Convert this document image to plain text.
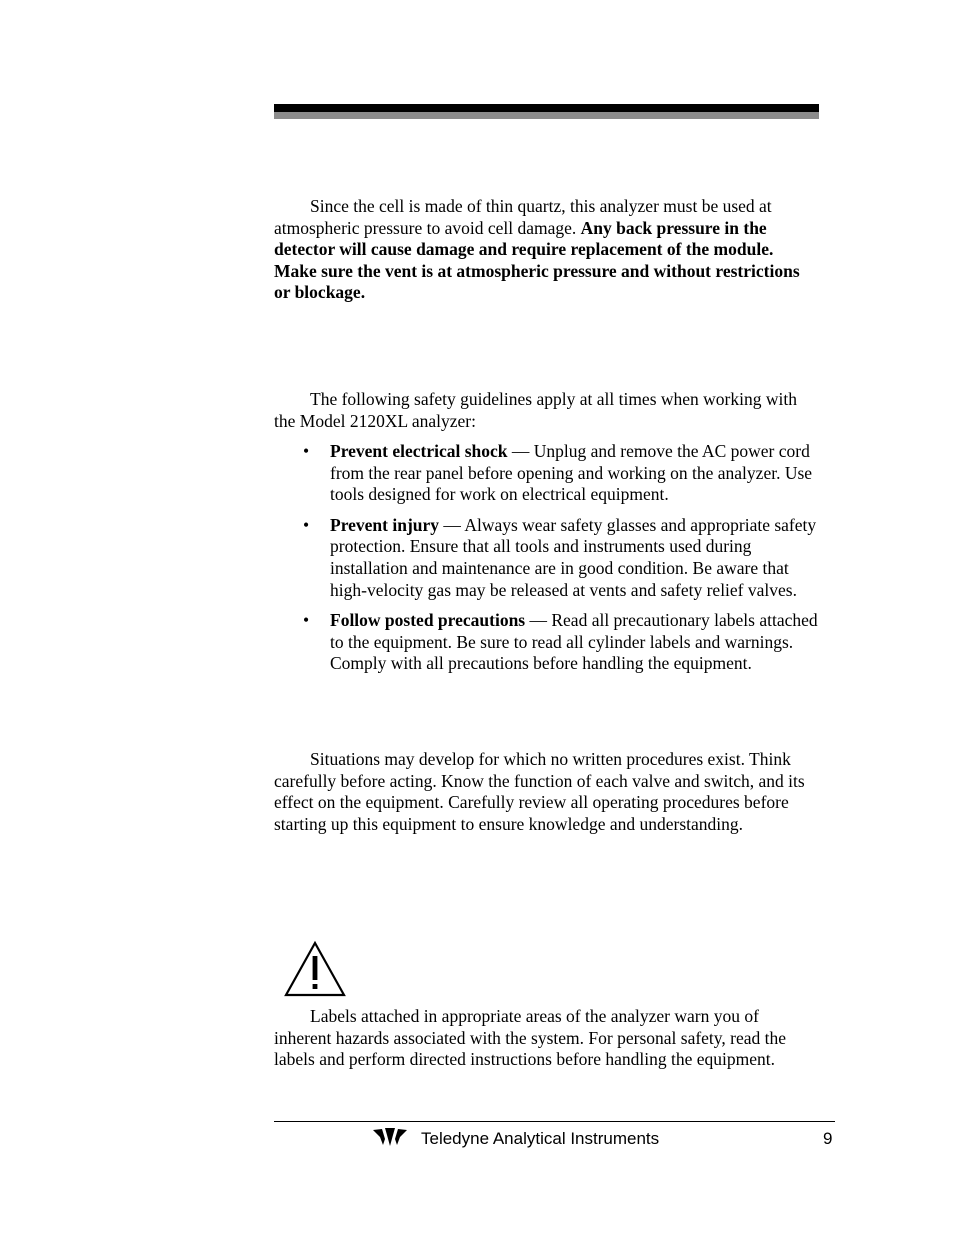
Since the cell is made of thin quartz, this analyzer must be used at atmospheric pressure to avoid cell damage. Any back pressure in the detector will cause damage and require replacement of the module. Make sure the vent is at atmospheric pressure and without restrictions or blockage.

The following safety guidelines apply at all times when working with the Model 2120XL analyzer:

• Prevent electrical shock — Unplug and remove the AC power cord from the rear panel before opening and working on the analyzer. Use tools designed for work on electrical equipment.
• Prevent injury — Always wear safety glasses and appropriate safety protection. Ensure that all tools and instruments used during installation and maintenance are in good condition. Be aware that high-velocity gas may be released at vents and safety relief valves.
• Follow posted precautions — Read all precautionary labels attached to the equipment. Be sure to read all cylinder labels and warnings. Comply with all precautions before handling the equipment.

Situations may develop for which no written procedures exist. Think carefully before acting. Know the function of each valve and switch, and its effect on the equipment. Carefully review all operating procedures before starting up this equipment to ensure knowledge and understanding.

Labels attached in appropriate areas of the analyzer warn you of inherent hazards associated with the system. For personal safety, read the labels and perform directed instructions before handling the equipment.

Teledyne Analytical Instruments	9
